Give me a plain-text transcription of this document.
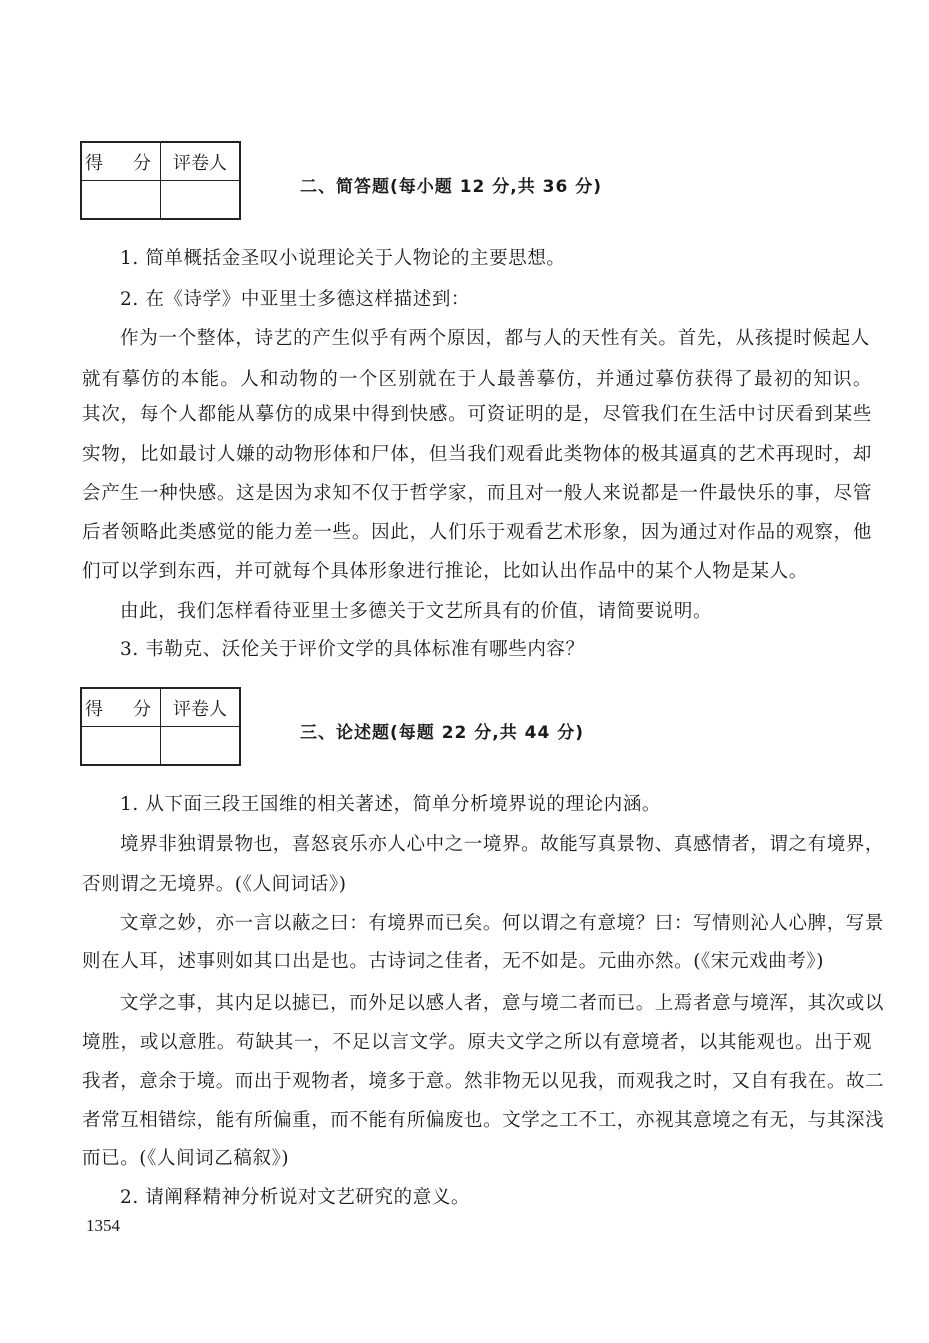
得　分	评卷人

二、简答题(每小题 12 分,共 36 分)
1. 简单概括金圣叹小说理论关于人物论的主要思想。
2. 在《诗学》中亚里士多德这样描述到：
作为一个整体，诗艺的产生似乎有两个原因，都与人的天性有关。首先，从孩提时候起人
就有摹仿的本能。人和动物的一个区别就在于人最善摹仿，并通过摹仿获得了最初的知识。
其次，每个人都能从摹仿的成果中得到快感。可资证明的是，尽管我们在生活中讨厌看到某些
实物，比如最讨人嫌的动物形体和尸体，但当我们观看此类物体的极其逼真的艺术再现时，却
会产生一种快感。这是因为求知不仅于哲学家，而且对一般人来说都是一件最快乐的事，尽管
后者领略此类感觉的能力差一些。因此，人们乐于观看艺术形象，因为通过对作品的观察，他
们可以学到东西，并可就每个具体形象进行推论，比如认出作品中的某个人物是某人。
由此，我们怎样看待亚里士多德关于文艺所具有的价值，请简要说明。
3. 韦勒克、沃伦关于评价文学的具体标准有哪些内容？
得　分	评卷人

三、论述题(每题 22 分,共 44 分)
1. 从下面三段王国维的相关著述，简单分析境界说的理论内涵。
境界非独谓景物也，喜怒哀乐亦人心中之一境界。故能写真景物、真感情者，谓之有境界，
否则谓之无境界。(《人间词话》)
文章之妙，亦一言以蔽之曰：有境界而已矣。何以谓之有意境？曰：写情则沁人心脾，写景
则在人耳，述事则如其口出是也。古诗词之佳者，无不如是。元曲亦然。(《宋元戏曲考》)
文学之事，其内足以摅已，而外足以感人者，意与境二者而已。上焉者意与境浑，其次或以
境胜，或以意胜。苟缺其一，不足以言文学。原夫文学之所以有意境者，以其能观也。出于观
我者，意余于境。而出于观物者，境多于意。然非物无以见我，而观我之时，又自有我在。故二
者常互相错综，能有所偏重，而不能有所偏废也。文学之工不工，亦视其意境之有无，与其深浅
而已。(《人间词乙稿叙》)
2. 请阐释精神分析说对文艺研究的意义。
1354
